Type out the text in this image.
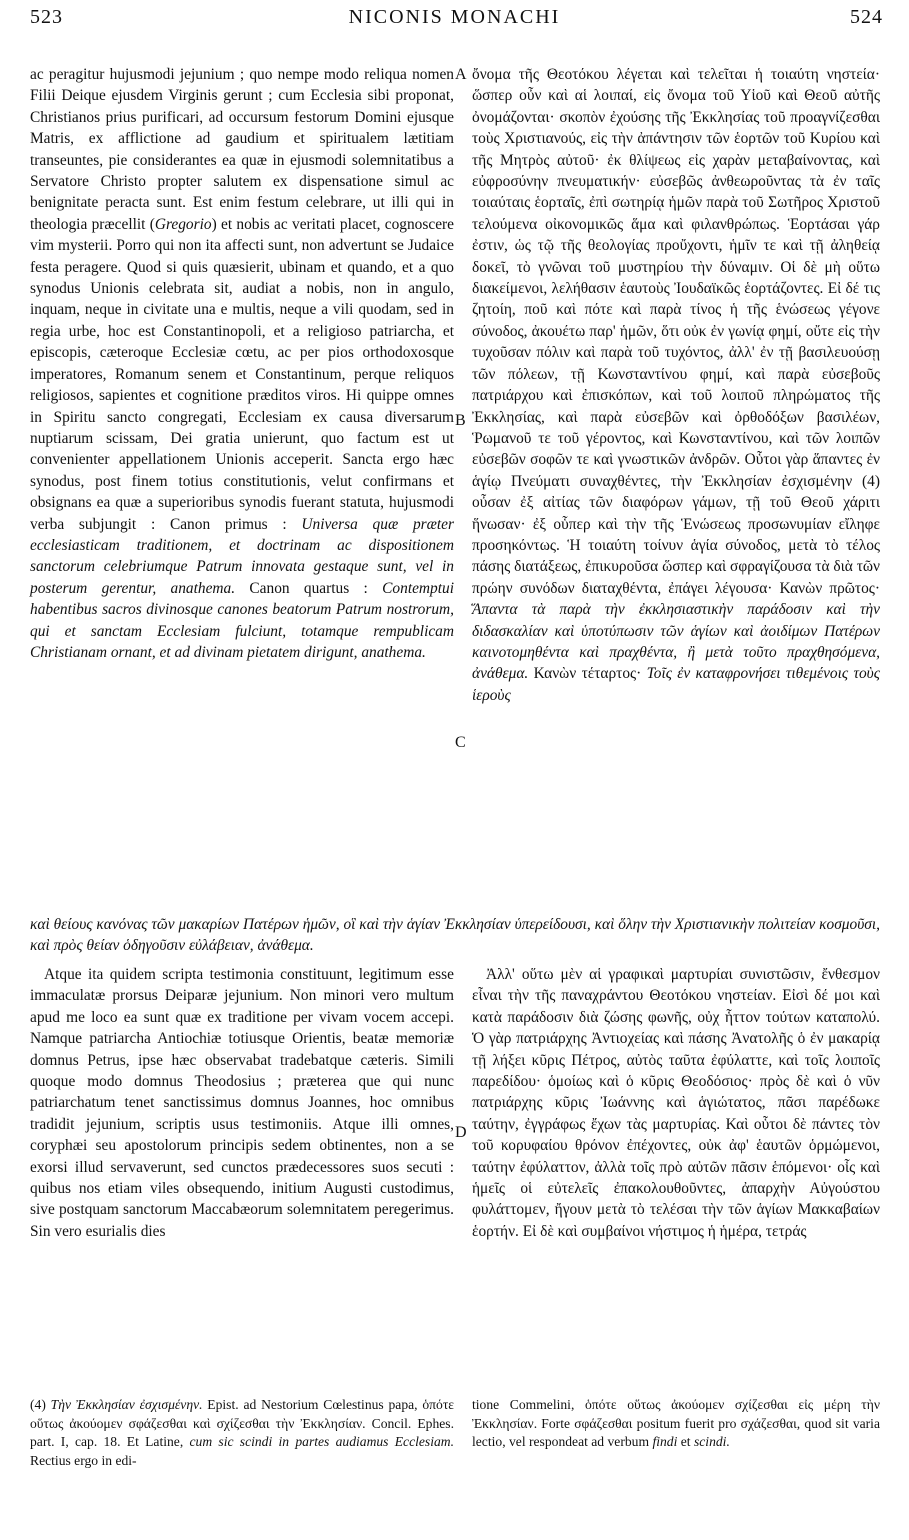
523	NICONIS MONACHI	524
A
B
C
D

ac peragitur hujusmodi jejunium ; quo nempe modo reliqua nomen Filii Deique ejusdem Virginis gerunt ; cum Ecclesia sibi proponat, Christianos prius purificari, ad occursum festorum Domini ejusque Matris, ex afflictione ad gaudium et spiritualem lætitiam transeuntes, pie considerantes ea quæ in ejusmodi solemnitatibus a Servatore Christo propter salutem ex dispensatione simul ac benignitate peracta sunt. Est enim festum celebrare, ut illi qui in theologia præcellit (Gregorio) et nobis ac veritati placet, cognoscere vim mysterii. Porro qui non ita affecti sunt, non advertunt se Judaice festa peragere. Quod si quis quæsierit, ubinam et quando, et a quo synodus Unionis celebrata sit, audiat a nobis, non in angulo, inquam, neque in civitate una e multis, neque a vili quodam, sed in regia urbe, hoc est Constantinopoli, et a religioso patriarcha, et episcopis, cæteroque Ecclesiæ cœtu, ac per pios orthodoxosque imperatores, Romanum senem et Constantinum, perque reliquos religiosos, sapientes et cognitione præditos viros. Hi quippe omnes in Spiritu sancto congregati, Ecclesiam ex causa diversarum nuptiarum scissam, Dei gratia unierunt, quo factum est ut convenienter appellationem Unionis acceperit. Sancta ergo hæc synodus, post finem totius constitutionis, velut confirmans et obsignans ea quæ a superioribus synodis fuerant statuta, hujusmodi verba subjungit : Canon primus : Universa quæ præter ecclesiasticam traditionem, et doctrinam ac dispositionem sanctorum celebriumque Patrum innovata gestaque sunt, vel in posterum gerentur, anathema. Canon quartus : Contemptui habentibus sacros divinosque canones beatorum Patrum nostrorum, qui et sanctam Ecclesiam fulciunt, totamque rempublicam Christianam ornant, et ad divinam pietatem dirigunt, anathema.

ὄνομα τῆς Θεοτόκου λέγεται καὶ τελεῖται ἡ τοιαύτη νηστεία· ὥσπερ οὖν καὶ αἱ λοιπαί, εἰς ὄνομα τοῦ Υἱοῦ καὶ Θεοῦ αὐτῆς ὀνομάζονται· σκοπὸν ἐχούσης τῆς Ἐκκλησίας τοῦ προαγνίζεσθαι τοὺς Χριστιανούς, εἰς τὴν ἀπάντησιν τῶν ἑορτῶν τοῦ Κυρίου καὶ τῆς Μητρὸς αὐτοῦ· ἐκ θλίψεως εἰς χαρὰν μεταβαίνοντας, καὶ εὐφροσύνην πνευματικήν· εὐσεβῶς ἀνθεωροῦντας τὰ ἐν ταῖς τοιαύταις ἑορταῖς, ἐπὶ σωτηρίᾳ ἡμῶν παρὰ τοῦ Σωτῆρος Χριστοῦ τελούμενα οἰκονομικῶς ἅμα καὶ φιλανθρώπως. Ἑορτάσαι γάρ ἐστιν, ὡς τῷ τῆς θεολογίας προὔχοντι, ἡμῖν τε καὶ τῇ ἀληθείᾳ δοκεῖ, τὸ γνῶναι τοῦ μυστηρίου τὴν δύναμιν. Οἱ δὲ μὴ οὕτω διακείμενοι, λελήθασιν ἑαυτοὺς Ἰουδαϊκῶς ἑορτάζοντες. Εἰ δέ τις ζητοίη, ποῦ καὶ πότε καὶ παρὰ τίνος ἡ τῆς ἑνώσεως γέγονε σύνοδος, ἀκουέτω παρ' ἡμῶν, ὅτι οὐκ ἐν γωνίᾳ φημί, οὔτε εἰς τὴν τυχοῦσαν πόλιν καὶ παρὰ τοῦ τυχόντος, ἀλλ' ἐν τῇ βασιλευούσῃ τῶν πόλεων, τῇ Κωνσταντίνου φημί, καὶ παρὰ εὐσεβοῦς πατριάρχου καὶ ἐπισκόπων, καὶ τοῦ λοιποῦ πληρώματος τῆς Ἐκκλησίας, καὶ παρὰ εὐσεβῶν καὶ ὀρθοδόξων βασιλέων, Ῥωμανοῦ τε τοῦ γέροντος, καὶ Κωνσταντίνου, καὶ τῶν λοιπῶν εὐσεβῶν σοφῶν τε καὶ γνωστικῶν ἀνδρῶν. Οὗτοι γὰρ ἅπαντες ἐν ἁγίῳ Πνεύματι συναχθέντες, τὴν Ἐκκλησίαν ἐσχισμένην (4) οὖσαν ἐξ αἰτίας τῶν διαφόρων γάμων, τῇ τοῦ Θεοῦ χάριτι ἥνωσαν· ἐξ οὗπερ καὶ τὴν τῆς Ἑνώσεως προσωνυμίαν εἴληφε προσηκόντως. Ἡ τοιαύτη τοίνυν ἁγία σύνοδος, μετὰ τὸ τέλος πάσης διατάξεως, ἐπικυροῦσα ὥσπερ καὶ σφραγίζουσα τὰ διὰ τῶν πρώην συνόδων διαταχθέντα, ἐπάγει λέγουσα· Κανὼν πρῶτος· Ἅπαντα τὰ παρὰ τὴν ἐκκλησιαστικὴν παράδοσιν καὶ τὴν διδασκαλίαν καὶ ὑποτύπωσιν τῶν ἁγίων καὶ ἀοιδίμων Πατέρων καινοτομηθέντα καὶ πραχθέντα, ἢ μετὰ τοῦτο πραχθησόμενα, ἀνάθεμα. Κανὼν τέταρτος· Τοῖς ἐν καταφρονήσει τιθεμένοις τοὺς ἱεροὺς

καὶ θείους κανόνας τῶν μακαρίων Πατέρων ἡμῶν, οἳ καὶ τὴν ἁγίαν Ἐκκλησίαν ὑπερείδουσι, καὶ ὅλην τὴν Χριστιανικὴν πολιτείαν κοσμοῦσι, καὶ πρὸς θείαν ὁδηγοῦσιν εὐλάβειαν, ἀνάθεμα.

Atque ita quidem scripta testimonia constituunt, legitimum esse immaculatæ prorsus Deiparæ jejunium. Non minori vero multum apud me loco ea sunt quæ ex traditione per vivam vocem accepi. Namque patriarcha Antiochiæ totiusque Orientis, beatæ memoriæ domnus Petrus, ipse hæc observabat tradebatque cæteris. Simili quoque modo domnus Theodosius ; præterea que qui nunc patriarchatum tenet sanctissimus domnus Joannes, hoc omnibus tradidit jejunium, scriptis usus testimoniis. Atque illi omnes, coryphæi seu apostolorum principis sedem obtinentes, non a se exorsi illud servaverunt, sed cunctos prædecessores suos secuti : quibus nos etiam viles obsequendo, initium Augusti custodimus, sive postquam sanctorum Maccabæorum solemnitatem peregerimus. Sin vero esurialis dies

Ἀλλ' οὕτω μὲν αἱ γραφικαὶ μαρτυρίαι συνιστῶσιν, ἔνθεσμον εἶναι τὴν τῆς παναχράντου Θεοτόκου νηστείαν. Εἰσὶ δέ μοι καὶ κατὰ παράδοσιν διὰ ζώσης φωνῆς, οὐχ ἧττον τούτων καταπολύ. Ὁ γὰρ πατριάρχης Ἀντιοχείας καὶ πάσης Ἀνατολῆς ὁ ἐν μακαρίᾳ τῇ λήξει κῦρις Πέτρος, αὐτὸς ταῦτα ἐφύλαττε, καὶ τοῖς λοιποῖς παρεδίδου· ὁμοίως καὶ ὁ κῦρις Θεοδόσιος· πρὸς δὲ καὶ ὁ νῦν πατριάρχης κῦρις Ἰωάννης καὶ ἁγιώτατος, πᾶσι παρέδωκε ταύτην, ἐγγράφως ἔχων τὰς μαρτυρίας. Καὶ οὗτοι δὲ πάντες τὸν τοῦ κορυφαίου θρόνον ἐπέχοντες, οὐκ ἀφ' ἑαυτῶν ὁρμώμενοι, ταύτην ἐφύλαττον, ἀλλὰ τοῖς πρὸ αὐτῶν πᾶσιν ἑπόμενοι· οἷς καὶ ἡμεῖς οἱ εὐτελεῖς ἐπακολουθοῦντες, ἀπαρχὴν Αὐγούστου φυλάττομεν, ἤγουν μετὰ τὸ τελέσαι τὴν τῶν ἁγίων Μακκαβαίων ἑορτήν. Εἰ δὲ καὶ συμβαίνοι νήστιμος ἡ ἡμέρα, τετράς

(4) Τὴν Ἐκκλησίαν ἐσχισμένην. Epist. ad Nestorium Cœlestinus papa, ὁπότε οὕτως ἀκούομεν σφάζεσθαι καὶ σχίζεσθαι τὴν Ἐκκλησίαν. Concil. Ephes. part. I, cap. 18. Et Latine, cum sic scindi in partes audiamus Ecclesiam. Rectius ergo in edi-

tione Commelini, ὁπότε οὕτως ἀκούομεν σχίζεσθαι εἰς μέρη τὴν Ἐκκλησίαν. Forte σφάζεσθαι positum fuerit pro σχάζεσθαι, quod sit varia lectio, vel respondeat ad verbum findi et scindi.
